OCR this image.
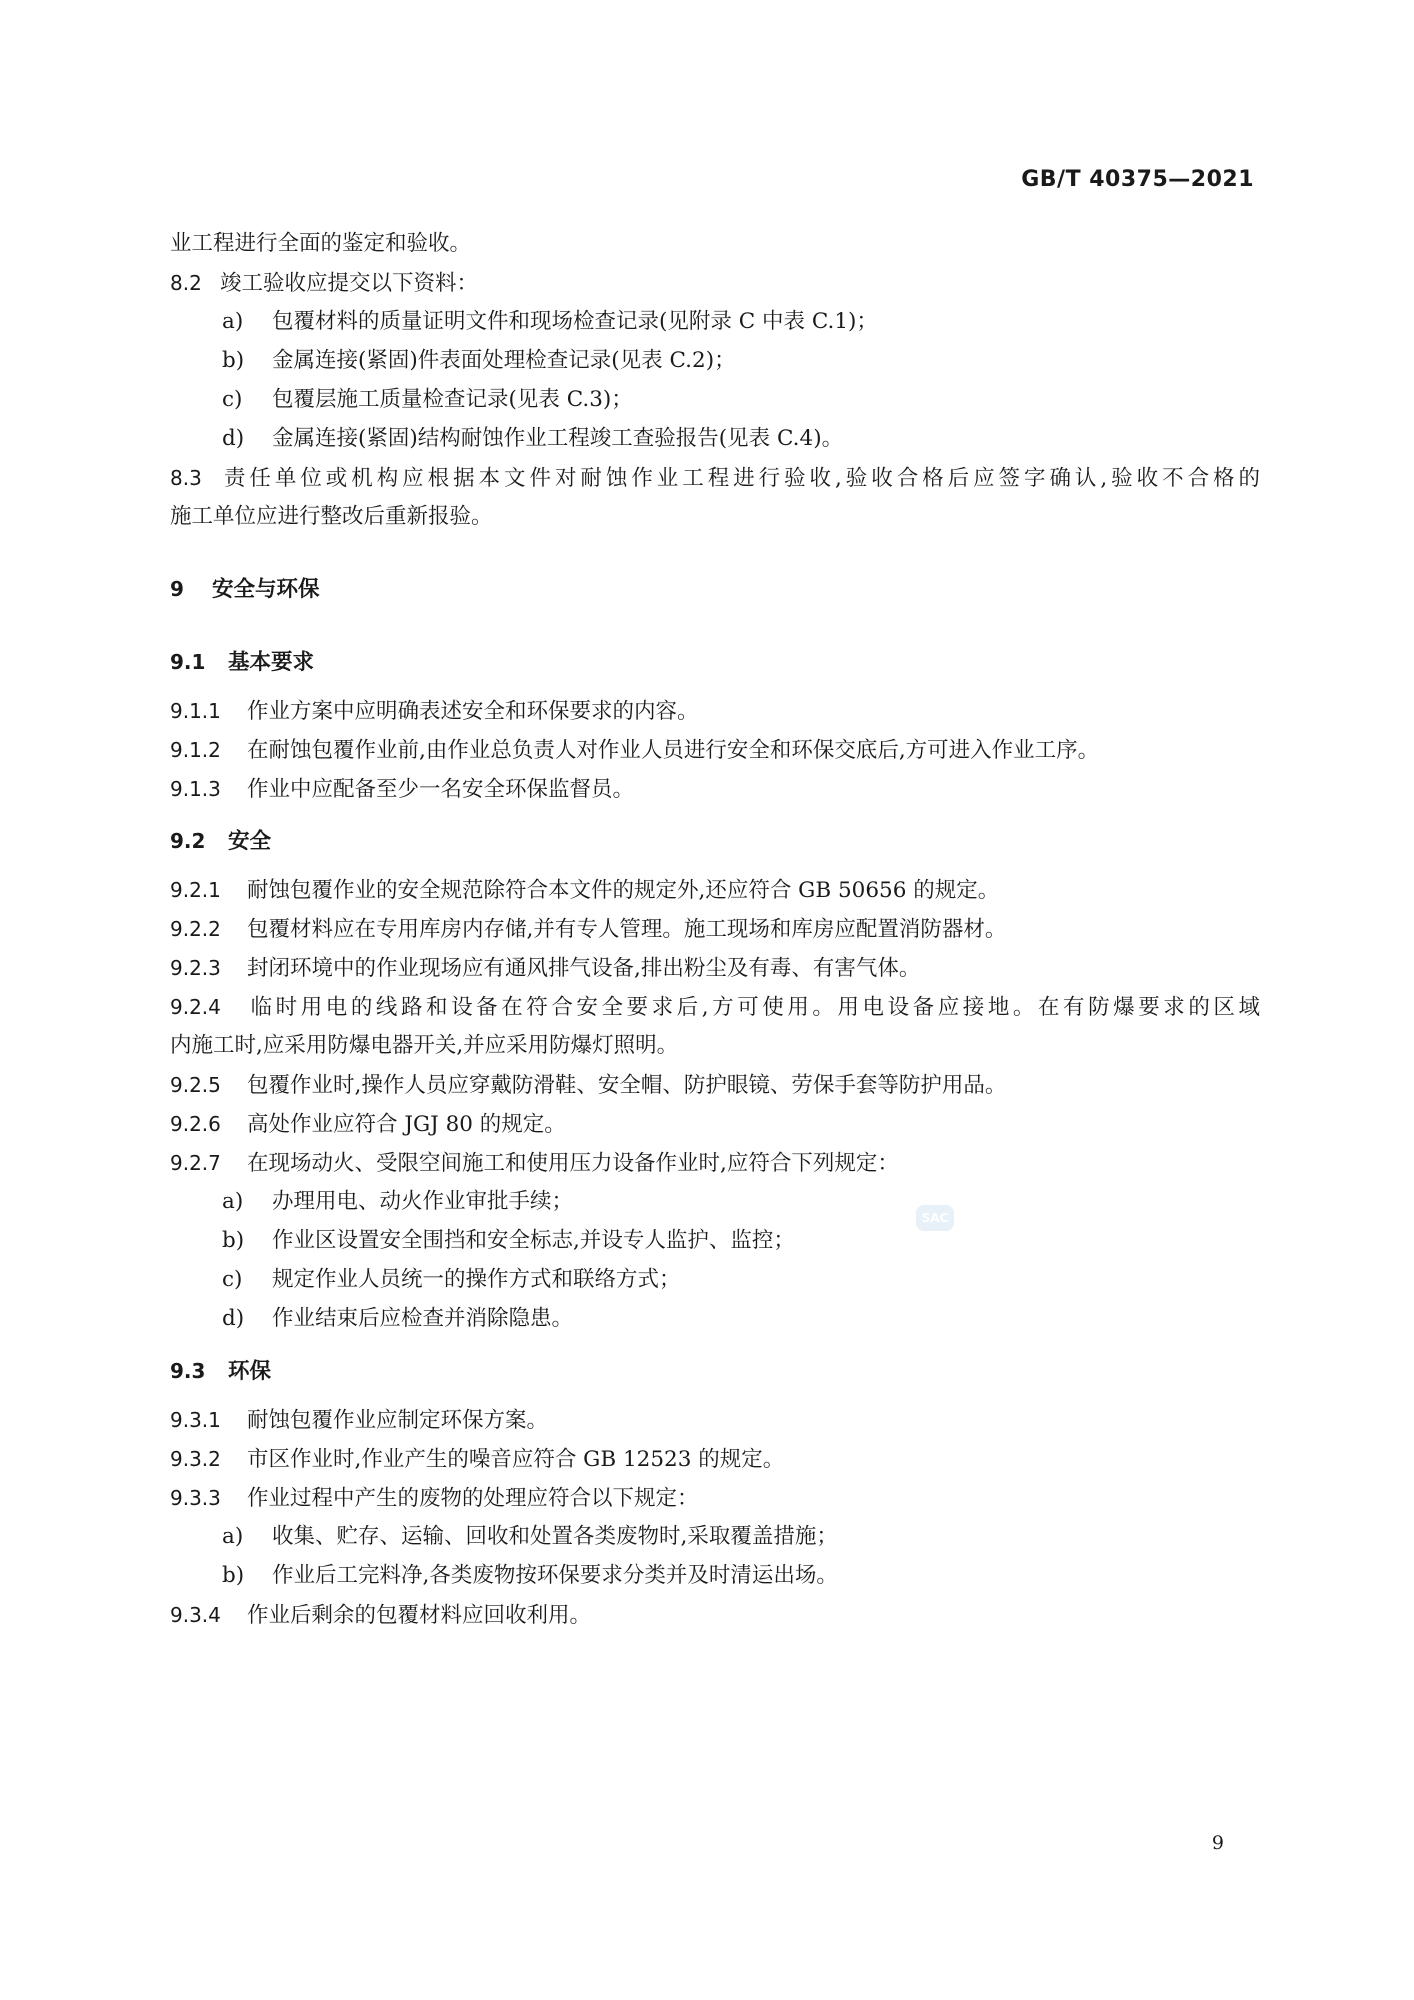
GB/T 40375—2021
业工程进行全面的鉴定和验收。
8.2 竣工验收应提交以下资料：
a) 包覆材料的质量证明文件和现场检查记录(见附录 C 中表 C.1)；
b) 金属连接(紧固)件表面处理检查记录(见表 C.2)；
c) 包覆层施工质量检查记录(见表 C.3)；
d) 金属连接(紧固)结构耐蚀作业工程竣工查验报告(见表 C.4)。
8.3 责任单位或机构应根据本文件对耐蚀作业工程进行验收,验收合格后应签字确认,验收不合格的
施工单位应进行整改后重新报验。
9 安全与环保
9.1 基本要求
9.1.1 作业方案中应明确表述安全和环保要求的内容。
9.1.2 在耐蚀包覆作业前,由作业总负责人对作业人员进行安全和环保交底后,方可进入作业工序。
9.1.3 作业中应配备至少一名安全环保监督员。
9.2 安全
9.2.1 耐蚀包覆作业的安全规范除符合本文件的规定外,还应符合 GB 50656 的规定。
9.2.2 包覆材料应在专用库房内存储,并有专人管理。施工现场和库房应配置消防器材。
9.2.3 封闭环境中的作业现场应有通风排气设备,排出粉尘及有毒、有害气体。
9.2.4 临时用电的线路和设备在符合安全要求后,方可使用。用电设备应接地。在有防爆要求的区域
内施工时,应采用防爆电器开关,并应采用防爆灯照明。
9.2.5 包覆作业时,操作人员应穿戴防滑鞋、安全帽、防护眼镜、劳保手套等防护用品。
9.2.6 高处作业应符合 JGJ 80 的规定。
9.2.7 在现场动火、受限空间施工和使用压力设备作业时,应符合下列规定：
a) 办理用电、动火作业审批手续；
b) 作业区设置安全围挡和安全标志,并设专人监护、监控；
c) 规定作业人员统一的操作方式和联络方式；
d) 作业结束后应检查并消除隐患。
SAC
9.3 环保
9.3.1 耐蚀包覆作业应制定环保方案。
9.3.2 市区作业时,作业产生的噪音应符合 GB 12523 的规定。
9.3.3 作业过程中产生的废物的处理应符合以下规定：
a) 收集、贮存、运输、回收和处置各类废物时,采取覆盖措施；
b) 作业后工完料净,各类废物按环保要求分类并及时清运出场。
9.3.4 作业后剩余的包覆材料应回收利用。
9
